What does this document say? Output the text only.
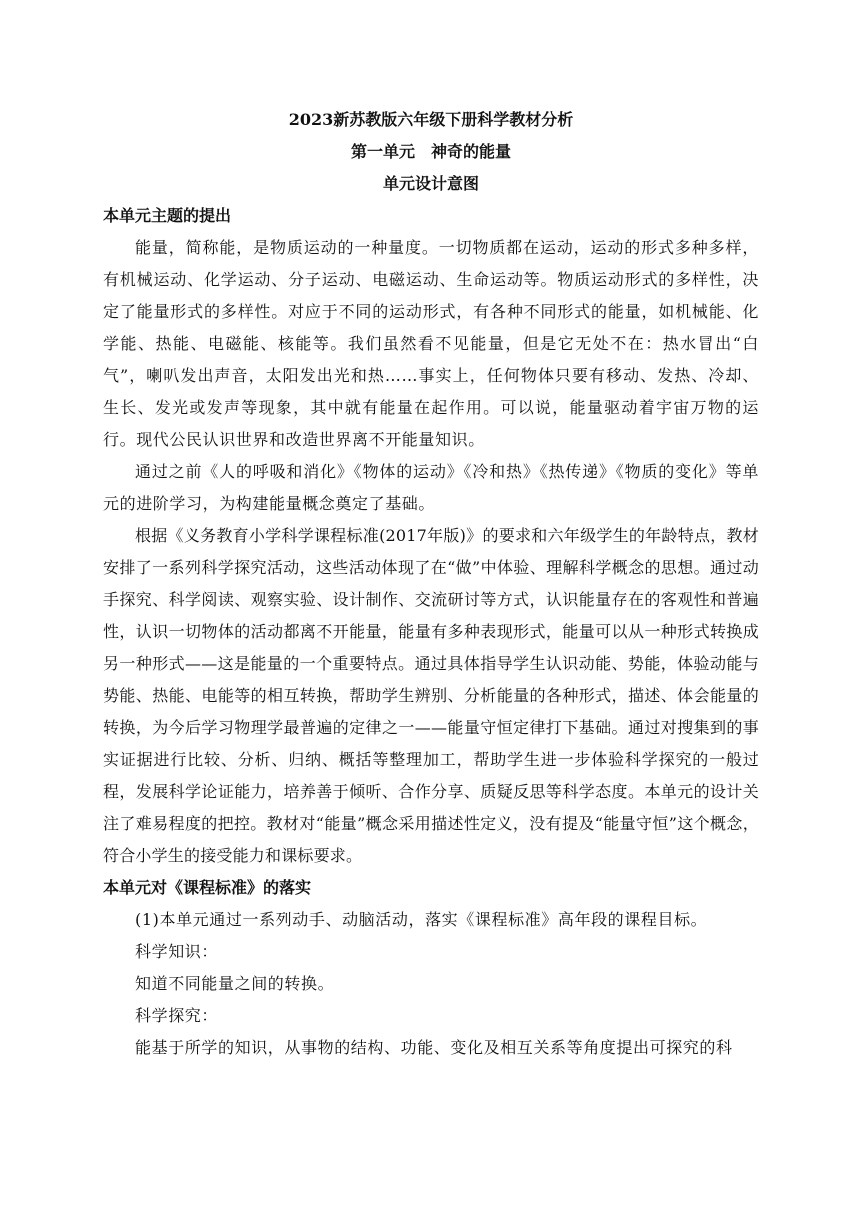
2023新苏教版六年级下册科学教材分析
第一单元　神奇的能量
单元设计意图
本单元主题的提出

能量，简称能，是物质运动的一种量度。一切物质都在运动，运动的形式多种多样，有机械运动、化学运动、分子运动、电磁运动、生命运动等。物质运动形式的多样性，决定了能量形式的多样性。对应于不同的运动形式，有各种不同形式的能量，如机械能、化学能、热能、电磁能、核能等。我们虽然看不见能量，但是它无处不在：热水冒出“白气”，喇叭发出声音，太阳发出光和热……事实上，任何物体只要有移动、发热、冷却、生长、发光或发声等现象，其中就有能量在起作用。可以说，能量驱动着宇宙万物的运行。现代公民认识世界和改造世界离不开能量知识。

通过之前《人的呼吸和消化》《物体的运动》《冷和热》《热传递》《物质的变化》等单元的进阶学习，为构建能量概念奠定了基础。

根据《义务教育小学科学课程标准(2017年版)》的要求和六年级学生的年龄特点，教材安排了一系列科学探究活动，这些活动体现了在“做”中体验、理解科学概念的思想。通过动手探究、科学阅读、观察实验、设计制作、交流研讨等方式，认识能量存在的客观性和普遍性，认识一切物体的活动都离不开能量，能量有多种表现形式，能量可以从一种形式转换成另一种形式——这是能量的一个重要特点。通过具体指导学生认识动能、势能，体验动能与势能、热能、电能等的相互转换，帮助学生辨别、分析能量的各种形式，描述、体会能量的转换，为今后学习物理学最普遍的定律之一——能量守恒定律打下基础。通过对搜集到的事实证据进行比较、分析、归纳、概括等整理加工，帮助学生进一步体验科学探究的一般过程，发展科学论证能力，培养善于倾听、合作分享、质疑反思等科学态度。本单元的设计关注了难易程度的把控。教材对“能量”概念采用描述性定义，没有提及“能量守恒”这个概念，符合小学生的接受能力和课标要求。

本单元对《课程标准》的落实

(1)本单元通过一系列动手、动脑活动，落实《课程标准》高年段的课程目标。

科学知识：

知道不同能量之间的转换。

科学探究：

能基于所学的知识，从事物的结构、功能、变化及相互关系等角度提出可探究的科
